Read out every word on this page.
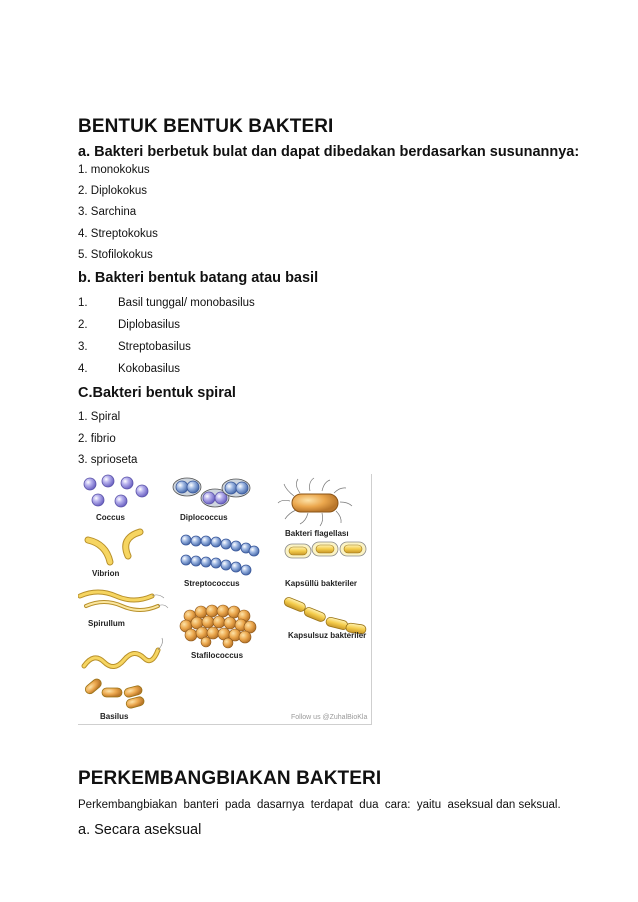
BENTUK BENTUK BAKTERI
a. Bakteri berbetuk bulat dan dapat dibedakan berdasarkan susunannya:
1. monokokus
2. Diplokokus
3. Sarchina
4. Streptokokus
5. Stofilokokus
b. Bakteri bentuk batang atau basil
1.	Basil tunggal/ monobasilus
2.	Diplobasilus
3.	Streptobasilus
4.	Kokobasilus
C.Bakteri bentuk spiral
1. Spiral
2. fibrio
3. sprioseta
Coccus	Diplococcus
Bakteri flagellası
Vibrion
Streptococcus	Kapsüllü bakteriler
Spirullum
Stafilococcus
Kapsulsuz bakteriler
Basilus	Follow us @ZuhalBioKla
PERKEMBANGBIAKAN BAKTERI
Perkembangbiakan  banteri  pada  dasarnya  terdapat  dua  cara:  yaitu  aseksual dan seksual.
a. Secara aseksual
